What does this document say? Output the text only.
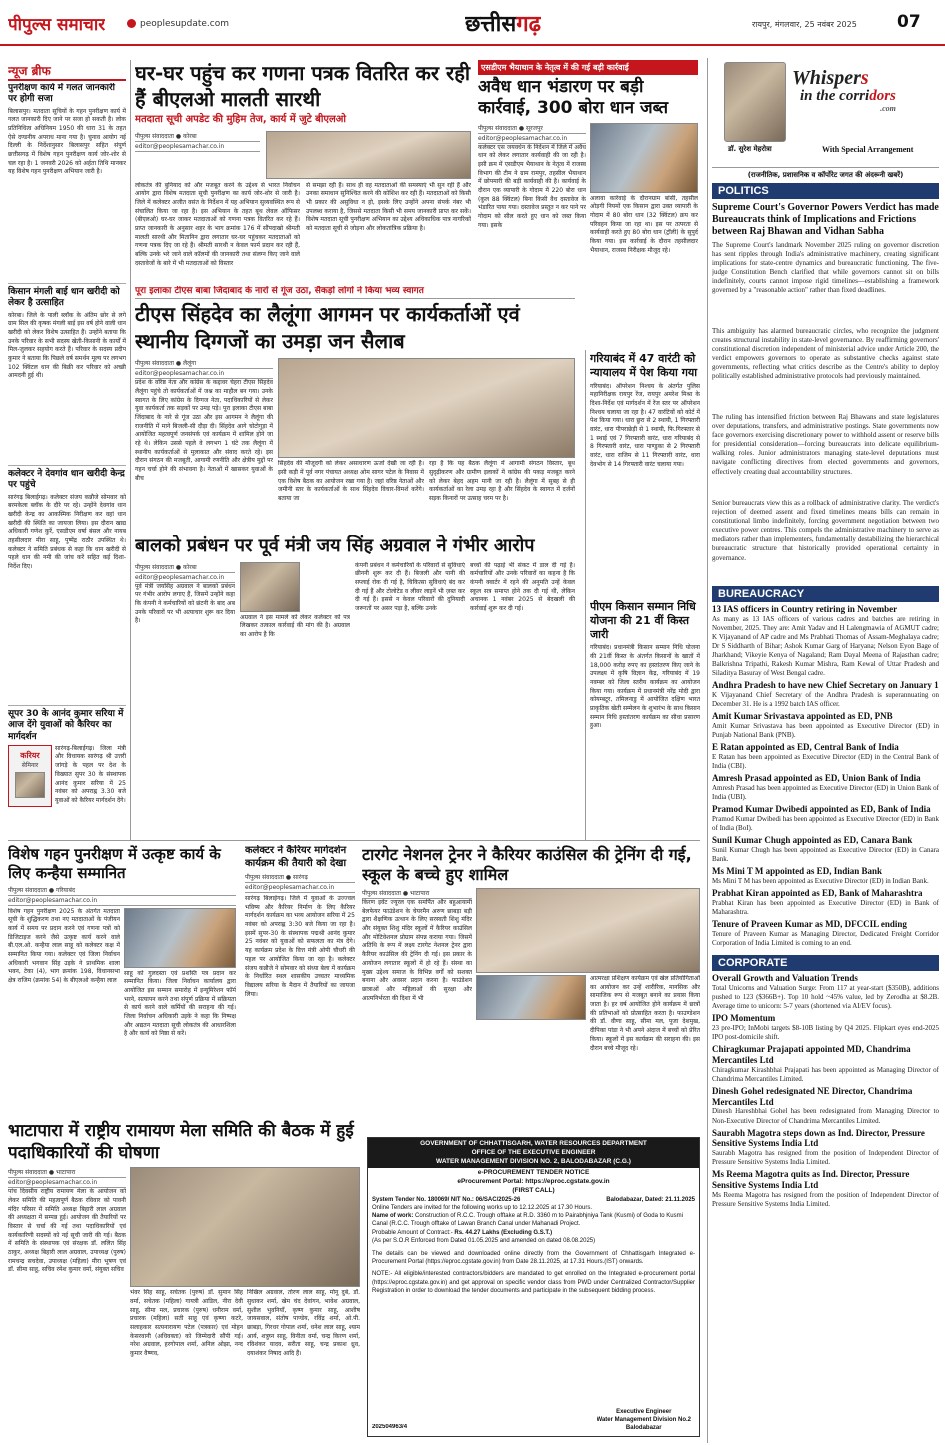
पीपुल्स समाचार	peoplesupdate.com	छत्तीसगढ़	रायपुर, मंगलवार, 25 नवंबर 2025 07
न्यूज ब्रीफ
पुनरीक्षण कार्य में गलत जानकारी पर होगी सजा
बिलासपुर। मतदाता सूचियों के गहन पुनरीक्षण कार्य में गलत जानकारी दिए जाने पर सजा हो सकती है। लोक प्रतिनिधित्व अधिनियम 1950 की धारा 31 के तहत ऐसे दण्डनीय अपराध माना गया है। चुनाव आयोग नई दिल्ली के निर्देशानुसार बिलासपुर सहित संपूर्ण छत्तीसगढ़ में विशेष गहन पुनरीक्षण कार्य जोर-शोर से चल रहा है। 1 जनवरी 2026 को अर्हता तिथि मानकर यह विशेष गहन पुनरीक्षण अभियान जारी है।
किसान मंगली बाई धान खरीदी को लेकर है उत्साहित
कोरबा। जिले के पाली ब्लॉक के अंतिम छोर से लगे ग्राम सिल की कृषक मंगली बाई इस वर्ष होने वाली धान खरीदी को लेकर विशेष उत्साहित हैं। उन्होंने बताया कि उनके परिवार के सभी सदस्य खेती-किसानी के कार्यों में मिल-जुलकर सहयोग करते हैं। परिवार के सदस्य प्रदीप कुमार ने बताया कि पिछले वर्ष समर्थन मूल्य पर लगभग 102 क्विंटल धान की बिक्री कर परिवार को अच्छी आमदनी हुई थी।
कलेक्टर ने देवगांव धान खरीदी केन्द्र पर पहुंचे
सारंगढ़ बिलाईगढ़। कलेक्टर संजय कन्नौजे सोमवार को बरमकेला ब्लॉक के दौरे पर रहे। उन्होंने देवगांव धान खरीदी केन्द्र का आकस्मिक निरीक्षण कर वहां धान खरीदी की स्थिति का जायजा लिया। इस दौरान खाद्य अधिकारी गणेश कुर्रे, एसडीएम वर्षा बंसल और नायब तहसीलदार मीरा साहू, पुष्पेंद्र राठौर उपस्थित थे। कलेक्टर ने समिति प्रबंधक से कहा कि धान खरीदी से पहले धान की नमी की जांच करें सहित कई दिशा-निर्देश दिए।
सूपर 30 के आनंद कुमार सरिया में आज देंगे युवाओं को कैरियर का मार्गदर्शन
करियर
सेमिनार
सारंगढ़-बिलाईगढ़। जिला मंत्री और विधायक सारंगढ़ श्री उत्तरी जांगड़े के पहल पर देश के विख्यात सुपर 30 के संस्थापक आनंद कुमार सरिया में 25 नवंबर को अपराह्न 3.30 बजे युवाओं को कैरियर मार्गदर्शन देंगे।
घर-घर पहुंच कर गणना पत्रक वितरित कर रही हैं बीएलओ मालती सारथी
मतदाता सूची अपडेट की मुहिम तेज, कार्य में जुटे बीएलओ
पीपुल्स संवाददाता ● कोरबा
editor@peoplesamachar.co.in
लोकतंत्र की बुनियाद को और मजबूत करने के उद्देश्य से भारत निर्वाचन आयोग द्वारा विशेष मतदाता सूची पुनरीक्षण का कार्य जोर-शोर से जारी है। जिले में कलेक्टर अजीत वसंत के निर्देशन में यह अभियान सुव्यवस्थित रूप से संचालित किया जा रहा है। इस अभियान के तहत बूथ लेवल ऑफिसर (बीएलओ) घर-घर जाकर मतदाताओं को गणना पत्रक वितरित कर रहे हैं। प्राप्त जानकारी के अनुसार शहर के भाग क्रमांक 176 में सौंपदाखो श्रीमती मालती सारथी और मितानिन द्वारा लगातार घर-घर पहुंचकर मतदाताओं को गणना पत्रक दिए जा रहे हैं। श्रीमती सारथी न केवल फार्म प्रदान कर रही हैं, बल्कि उनके भरे जाने वाले कॉलमों की जानकारी तथा संलग्न किए जाने वाले दस्तावेजों के बारे में भी मतदाताओं को विस्तार
से समझा रही हैं। साथ ही वह मतदाताओं की समस्याएं भी सुन रही हैं और उनका समाधान सुनिश्चित करने की कोशिश कर रही हैं। मतदाताओं को किसी भी प्रकार की असुविधा न हो, इसके लिए उन्होंने अपना संपर्क नंबर भी उपलब्ध कराया है, जिससे मतदाता किसी भी समय जानकारी प्राप्त कर सकें। विशेष मतदाता सूची पुनरीक्षण अभियान का उद्देश्य अधिकाधिक पात्र नागरिकों को मतदाता सूची से जोड़ना और लोकतांत्रिक प्रक्रिया है।
एसडीएम भैयाथान के नेतृत्व में की गई बड़ी कार्रवाई
अवैध धान भंडारण पर बड़ी कार्रवाई, 300 बोरा धान जब्त
पीपुल्स संवाददाता ● सूरजपुर
editor@peoplesamachar.co.in
कलेक्टर एस जयवर्धन के निर्देशन में जिले में अवैध धान को लेकर लगातार कार्यवाही की जा रही है। इसी क्रम में एसडीएम भैयाथान के नेतृत्व में राजस्व विभाग की टीम ने ग्राम रामपुर, तहसील भैयाथान में छोपमारी की बड़ी कार्यवाही की है। कार्यवाई के दौरान एक व्यापारी के गोदाम में 220 बोरा धान (कुल 88 क्विंटल) बिना किसी वैध दस्तावेज के भंडारित पाया गया। दस्तावेज प्रस्तुत न कर पाने पर गोदाम को सील करते हुए धान को जब्त किया गया। इसके
अलावा कार्रवाई के दौरानग्राम बांसी, तहसील ओड़गी नियमों एक किसान द्वारा उक्त व्यापारी के गोदाम में 80 बोरा धान (32 क्विंटल) क्रय कर परिवहन किया जा रहा था। इस पर तत्परता से कार्यवाही करते हुए 80 बोरा धान (ट्रॉली) के सुपुर्द किया गया। इस कार्रवाई के दौरान तहसीलदार भैयाथान, राजस्व निरीक्षक मौजूद रहे।
पूरा इलाका टीएस बाबा जिंदाबाद के नारों से गूंज उठा, सैकड़ों लोगों ने किया भव्य स्वागत
टीएस सिंहदेव का लैलूंगा आगमन पर कार्यकर्ताओं एवं स्थानीय दिग्गजों का उमड़ा जन सैलाब
पीपुल्स संवाददाता ● लैलूंगा
editor@peoplesamachar.co.in
प्रदेश के वरिष्ठ नेता और कांग्रेस के कद्दावर चेहरा टीएस सिंहदेव लैलूंगा पहुंचे तो कार्यकर्ताओं में जश्न का माहौल बन गया। उनके स्वागत के लिए कांग्रेस के दिग्गज नेता, पदाधिकारियों से लेकर युवा कार्यकर्ता तक सड़कों पर उमड़ पड़े। पूरा इलाका टीएस बाबा जिंदाबाद के नारे से गूंज उठा और इस आगमन ने लैलूंगा की राजनीति में माने बिजली-सी दौड़ा दी। सिंहदेव आगे चोटोगुड़ा में आयोजित महत्वपूर्ण जनसंपर्क एवं कार्यक्रम में शामिल होने जा रहे थे। लेकिन उससे पहले वे लगभग 1 घंटे तक लैलूंगा में स्थानीय कार्यकर्ताओं से मुलाकात और संवाद करते रहे। इस दौरान संगठन की मजबूती, आगामी रणनीति और क्षेत्रीय मुद्दों पर गहन चर्चा होने की संभावना है। नेताओं में खासकर युवाओं के बीच
सिंहदेव की मौजूदगी को लेकर असाधारण ऊर्जा देखी जा रही है। इसी कड़ी में पूर्व नगर पंचायत अध्यक्ष ओम सागर पटेल के निवास में एक विशेष बैठक का आयोजन रखा गया है। जहां वरिष्ठ नेताओं और जमीनी स्तर के कार्यकर्ताओं के साथ सिंहदेव विचार-विमर्श करेंगे। बताया जा
रहा है कि यह बैठक लैलूंगा में आगामी संगठन विस्तार, बूथ सुदृढ़ीकरण और ग्रामीण इलाकों में कांग्रेस की पकड़ मजबूत करने को लेकर बेहद अहम मानी जा रही है। लैलूंगा में सुबह से ही कार्यकर्ताओं का रेला उमड़ रहा है और सिंहदेव के स्वागत में दर्जनों सड़क किनारों पर उत्साह चरम पर है।
गरियाबंद में 47 वारंटी को न्यायालय में पेश किया गया
गरियाबंद। ऑपरेशन निश्चय के अंतर्गत पुलिस महानिरीक्षक रायपुर रेंज, रायपुर अमरेश मिश्रा के दिशा-निर्देश एवं मार्गदर्शन में रेंज स्तर पर ऑपरेशन निश्चय चलाया जा रहा है। 47 वारंटियों को कोर्ट में पेश किया गया। धारा छुरा से 2 स्थायी, 1 गिरफ्तारी वारंट, धारा पीपराछेड़ी से 1 स्थायी, फि.गिरफ्तार से 1 स्थाई एवं 7 गिरफ्तारी वारंट, धारा गरियाबंद से 8 गिरफ्तारी वारंट, धारा पाण्डुका से 2 गिरफ्तारी वारंट, धारा राजिम से 11 गिरफ्तारी वारंट, धारा देवभोग से 14 गिरफ्तारी वारंट चलाया गया।
पीएम किसान सम्मान निधि योजना की 21 वीं किस्त जारी
गरियाबंद। प्रधानमंत्री किसान सम्मान निधि योजना की 21वीं किस्त के अंतर्गत किसानों के खातों में 18,000 करोड़ रुपए का हस्तांतरण किए जाने के उपलक्ष्य में कृषि विज्ञान केंद्र, गरियाबंद में 19 नवम्बर को जिला स्तरीय कार्यक्रम का आयोजन किया गया। कार्यक्रम में प्रधानमंत्री नरेंद्र मोदी द्वारा कोयम्बटूर, तमिलनाडु में आयोजित दक्षिण भारत प्राकृतिक खेती सम्मेलन के शुभारंभ के साथ किसान सम्मान निधि हस्तांतरण कार्यक्रम का सीधा प्रसारण हुआ।
बालको प्रबंधन पर पूर्व मंत्री जय सिंह अग्रवाल ने गंभीर आरोप
पीपुल्स संवाददाता ● कोरबा
editor@peoplesamachar.co.in
पूर्व मंत्री जयसिंह अग्रवाल ने बालको प्रबंधन पर गंभीर आरोप लगाए हैं, जिसमें उन्होंने कहा कि कंपनी ने कर्मचारियों को छंटनी के बाद अब उनके परिवारों पर भी अत्याचार शुरू कर दिया है।
अग्रवाल ने इस मामले को लेकर कलेक्टर को पत्र लिखकर तत्काल कार्रवाई की मांग की है। अग्रवाल का आरोप है कि
कंपनी प्रबंधन ने कर्मचारियों के परिवारों से सुविधाएं छीननी शुरू कर दी हैं। बिजली और पानी की सप्लाई रोक दी गई है, चिकित्सा सुविधाएं बंद कर दी गई हैं और टोलोटेड व लीवर लाइनें भी ज़ब्त कर दी गई हैं। इससे न केवल परिवारों की दुनियादी जरूरतों पर असर पड़ा है, बल्कि उनके
बच्चों की पढ़ाई भी संकट में डाल दी गई है। कर्मचारियों और उनके परिवारों का कहना है कि कंपनी क्वार्टर में रहने की अनुमति उन्हें केवल स्कूल सत्र समाप्त होने तक दी गई थी, लेकिन अचानक 1 नवंबर 2025 से बेदखली की कार्रवाई शुरू कर दी गई।
विशेष गहन पुनरीक्षण में उत्कृष्ट कार्य के लिए कन्हैया सम्मानित
पीपुल्स संवाददाता ● गरियाबंद
editor@peoplesamachar.co.in
विशेष गहन पुनरीक्षण 2025 के अंतर्गत मतदाता सूची के शुद्धिकरण तथा नए मतदाताओं के पंजीयन कार्य में समय पर प्रदान करने एवं गणना पत्रों को डिजिटाइज करने जैसे उत्कृष्ट कार्य करने वाले बी.एल.ओ. कन्हैया लाल साहू को कलेक्टर कक्ष में सम्मानित किया गया। कलेक्टर एवं जिला निर्वाचन अधिकारी भगवान सिंह उइके ने प्राथमिक शाला भवन, टेका (4), भाग क्रमांक 198, विधानसभा क्षेत्र राजिम (क्रमांक 54) के बीएलओ कन्हैया लाल
साहू को गुलदस्ता एवं प्रशस्ति पत्र प्रदान कर सम्मानित किया। जिला निर्वाचन कार्यालय द्वारा आयोजित इस सम्मान समारोह में इन्यूमिरेशन फॉर्म भरने, सत्यापन करने तथा संपूर्ण प्रक्रिया में सक्रियता से कार्य करने वाले कर्मियों की सराहना की गई। जिला निर्वाचन अधिकारी उइके ने कहा कि निष्पक्ष और अद्यतन मतदाता सूची लोकतंत्र की आधारशिला है और कार्य को निष्ठा से करें।
कलेक्टर ने कैरियर मार्गदर्शन कार्यक्रम की तैयारी को देखा
पीपुल्स संवाददाता ● सारंगढ़
editor@peoplesamachar.co.in
सारंगढ़ बिलाईगढ़। जिले में युवाओं के उज्ज्वल भविष्य और कैरियर निर्माण के लिए कैरियर मार्गदर्शन कार्यक्रम का भव्य आयोजन सरिया में 25 नवंबर को अपराह्न 3:30 बजे किया जा रहा है। इसमें सुपर-30 के संस्थापक पद्मश्री आनंद कुमार 25 नवंबर को युवाओं को सफलता का मंत्र देंगे। यह कार्यक्रम प्रदेश के वित्त मंत्री ओपी चौधरी की पहल पर आयोजित किया जा रहा है। कलेक्टर संजय कन्नौजे ने सोमवार को संध्या बेला में कार्यक्रम के निर्धारित स्थल शासकीय उच्चतर माध्यमिक विद्यालय सरिया के मैदान में तैयारियों का जायजा लिया।
टारगेट नेशनल ट्रेनर ने कैरियर काउंसिल की ट्रेनिंग दी गई, स्कूल के बच्चे हुए शामिल
पीपुल्स संवाददाता ● भाटापारा
किरण इवेंट ज्यूरल एक समर्पित और बहुआयामी बेलफेयर फाउंडेशन के चेयरमैन अरुण छाबड़ा बड़ी द्वारा शैक्षणिक उत्थान के लिए सरस्वती शिशु मंदिर और संयुक्त शिशु मंदिर स्कूलों में कैरियर काउंसिल और मोटिवेशनल प्रोग्राम संपन्न कराया गया। जिसमें अतिथि के रूप में लक्ष्य टारगेट नेशनल ट्रेनर द्वारा कैरियर काउंसिल की ट्रेनिंग दी गई। इस प्रकार के आयोजन लगातार स्कूलों में हो रहे हैं। संस्था का मुख्य उद्देश्य समाज के विभिन्न वर्गों को सशक्त बनाना और अवसर प्रदान करना है। फाउंडेशन छात्राओं और महिलाओं की सुरक्षा और आत्मनिर्भरता की दिशा में भी
आत्मरक्षा प्रशिक्षण कार्यक्रम एवं खेल प्रतियोगिताओं का आयोजन कर उन्हें शारीरिक, मानसिक और सामाजिक रूप से मजबूत बनाने का प्रयास किया जाता है। हर वर्ष आयोजित होने कार्यक्रम में छात्रों की प्रतिभाओं को प्रोत्साहित करता है। फाउण्डेशन की डॉ. वीणा साहू, सीमा मल, पूजा देशमुख, दीपिका पांडा ने भी अपने अंदाज में बच्चों को प्रेरित किया। स्कूलों में इस कार्यक्रम की सराहना की। इस दौरान बच्चे मौजूद रहे।
भाटापारा में राष्ट्रीय रामायण मेला समिति की बैठक में हुई पदाधिकारियों की घोषणा
पीपुल्स संवाददाता ● भाटापारा
editor@peoplesamachar.co.in
पांच दिवसीय राष्ट्रीय रामायण मेला के आयोजन को लेकर समिति की महत्वपूर्ण बैठक रविवार को पावनी मंदिर परिसर में समिति अध्यक्ष बिहारी लाल अग्रवाल की अध्यक्षता में सम्पन्न हुई। आयोजन की तैयारियों पर विस्तार से चर्चा की गई तथा पदाधिकारियों एवं कार्यकारिणी सदस्यों को नई सूची जारी की गई। बैठक में समिति के संस्थापक एवं संरक्षक डॉ. ललित सिंह ठाकुर, अध्यक्ष बिहारी लाल अग्रवाल, उपाध्यक्ष (पुरुष) रामचन्द्र सचदेवा, उपाध्यक्ष (महिला) मीरा भूषण एवं डॉ. सीमा साहू, सचिव रमेश कुमार वर्मा, संयुक्त सचिव
भंवर सिंह साहू, सचेतक (पुरुष) डॉ. सुमान सिंह वर्मा, सचेतक (महिला) गायत्री आडिल, नीरा देवी साहू, सीमा मल, प्रचारक (पुरुष) धनीराम वर्मा, प्रचारक (महिला) सती साहू एवं कृष्णा कटरे, सलाहकार सत्यनारायण पटेल (पत्रकार) एवं मोहन केसरवानी (अधिवक्ता) को जिम्मेदारी सौंपी गई। नरेश अग्रवाल, हरगोपाल शर्मा, अनिल ओझा, नन्द कुमार वैष्णव,
निखिल अग्रवाल, तोरण लाल साहू, मोनू दुबे, डॉ. सुधाकर शर्मा, खेम चंद देवांगन, भावेश अग्रवाल, सुशील भुवनियाँ, कृष्ण कुमार साहू, आशीष जायसवाल, संतोष पाण्डेय, रविंद्र शर्मा, ओ.पी. छाबड़ा, गिरधर गोपाल शर्मा, धनेश लाल साहू, श्याम आर्य, शत्रुघ्न साहू, विनीता वर्मा, चन्द्र किरण शर्मा, रविशंकर यादव, सरीता साहू, चन्द्र प्रकाश ध्रुव, दयाशंकर निषाद आदि हैं।
GOVERNMENT OF CHHATTISGARH, WATER RESOURCES DEPARTMENT
OFFICE OF THE EXECUTIVE ENGINEER
WATER MANAGEMENT DIVISION NO. 2, BALODABAZAR (C.G.)
e-PROCUREMENT TENDER NOTICE
eProcurement Portal: https://eproc.cgstate.gov.in
(FIRST CALL)
System Tender No. 180069/ NIT No.: 06/SAC/2025-26	Balodabazar, Dated: 21.11.2025
Online Tenders are invited for the following works up to 12.12.2025 at 17.30 Hours.
Name of work: Construction of R.C.C. Trough offtake at R.D. 3360 m to Pairabhjniya Tank (Kusmi) of Goda to Kusmi Canal (R.C.C. Trough offtake of Lawan Branch Canal under Mahanadi Project.
Probable Amount of Contract:- Rs. 44.27 Lakhs (Excluding G.S.T.)
(As per S.O.R Enforced from Dated 01.05.2025 and amended on dated 08.08.2025)
The details can be viewed and downloaded online directly from the Government of Chhattisgarh Integrated e-Procurement Portal (https://eproc.cgstate.gov.in) from Date 28.11.2025, at 17.31 Hours.(IST) onwards.
NOTE:- All eligible/interested contractors/bidders are mandated to get enrolled on the Integrated e-procurement portal (https://eproc.cgstate.gov.in) and get approval on specific vendor class from PWD under Centralized Contractor/Supplier Registration in order to download the tender documents and participate in the subsequent bidding process.
202504963/4
Executive Engineer
Water Management Division No.2
Balodabazar
Whispers
in the corridors
.com
डॉ. सुरेश मेहरोत्रा	With Special Arrangement
(राजनीतिक, प्रशासनिक व कॉर्पोरेट जगत की अंदरूनी खबरें)
POLITICS
Supreme Court's Governor Powers Verdict has made Bureaucrats think of Implications and Frictions between Raj Bhawan and Vidhan Sabha
The Supreme Court's landmark November 2025 ruling on governor discretion has sent ripples through India's administrative machinery, creating significant implications for state-centre dynamics and bureaucratic functioning. The five-judge Constitution Bench clarified that while governors cannot sit on bills indefinitely, courts cannot impose rigid timelines—establishing a framework governed by a "reasonable action" rather than fixed deadlines.
This ambiguity has alarmed bureaucratic circles, who recognize the judgment creates structural instability in state-level governance. By reaffirming governors' constitutional discretion independent of ministerial advice under Article 200, the verdict empowers governors to operate as substantive checks against state governments, reflecting what critics describe as the Centre's ability to deploy politically established administrative protocols had previously maintained.
The ruling has intensified friction between Raj Bhawans and state legislatures over deputations, transfers, and administrative postings. State governments now face governors exercising discretionary power to withhold assent or reserve bills for presidential consideration—forcing bureaucrats into delicate equilibrium-walking roles. Junior administrators managing state-level deputations must navigate conflicting directives from elected governments and governors, effectively creating dual accountability structures.
Senior bureaucrats view this as a rollback of administrative clarity. The verdict's rejection of deemed assent and fixed timelines means bills can remain in constitutional limbo indefinitely, forcing government negotiation between two executive power centres. This compels the administrative machinery to serve as mediators rather than implementers, fundamentally destabilizing the hierarchical bureaucratic structure that historically provided operational certainty in governance.
BUREAUCRACY
13 IAS officers in Country retiring in November
As many as 13 IAS officers of various cadres and batches are retiring in November, 2025. They are: Amit Yadav and H Lalengmawia of AGMUT cadre; K Vijayanand of AP cadre and Ms Prabhati Thomas of Assam-Meghalaya cadre; Dr S Siddharth of Bihar; Ashok Kumar Garg of Haryana; Nelson Eyon Bage of Jharkhand; Vikeyie Kenya of Nagaland; Ram Dayal Meena of Rajasthan cadre; Balkrishna Tripathi, Rakesh Kumar Mishra, Ram Kewal of Uttar Pradesh and Siladitya Basuray of West Bengal cadre.
Andhra Pradesh to have new Chief Secretary on January 1
K Vijayanand Chief Secretary of the Andhra Pradesh is superannuating on December 31. He is a 1992 batch IAS officer.
Amit Kumar Srivastava appointed as ED, PNB
Amit Kumar Srivastava has been appointed as Executive Director (ED) in Punjab National Bank (PNB).
E Ratan appointed as ED, Central Bank of India
E Ratan has been appointed as Executive Director (ED) in the Central Bank of India (CBI).
Amresh Prasad appointed as ED, Union Bank of India
Amresh Prasad has been appointed as Executive Director (ED) in Union Bank of India (UBI).
Pramod Kumar Dwibedi appointed as ED, Bank of India
Pramod Kumar Dwibedi has been appointed as Executive Director (ED) in Bank of India (BoI).
Sunil Kumar Chugh appointed as ED, Canara Bank
Sunil Kumar Chugh has been appointed as Executive Director (ED) in Canara Bank.
Ms Mini T M appointed as ED, Indian Bank
Ms Mini T M has been appointed as Executive Director (ED) in Indian Bank.
Prabhat Kiran appointed as ED, Bank of Maharashtra
Prabhat Kiran has been appointed as Executive Director (ED) in Bank of Maharashtra.
Tenure of Praveen Kumar as MD, DFCCIL ending
Tenure of Praveen Kumar as Managing Director, Dedicated Freight Corridor Corporation of India Limited is coming to an end.
CORPORATE
Overall Growth and Valuation Trends
Total Unicorns and Valuation Surge: From 117 at year-start ($350B), additions pushed to 123 ($366B+). Top 10 hold ~45% value, led by Zerodha at $8.2B. Average time to unicorn: 5-7 years (shortened via AI/EV focus).
IPO Momentum
23 pre-IPO; InMobi targets $8-10B listing by Q4 2025. Flipkart eyes end-2025 IPO post-domicile shift.
Chiragkumar Prajapati appointed MD, Chandrima Mercantiles Ltd
Chiragkumar Kirashbhai Prajapati has been appointed as Managing Director of Chandrima Mercantiles Limited.
Dinesh Gohel redesignated NE Director, Chandrima Mercantiles Ltd
Dinesh Hareshbhai Gohel has been redesignated from Managing Director to Non-Executive Director of Chandrima Mercantiles Limited.
Saurabh Magotra steps down as Ind. Director, Pressure Sensitive Systems India Ltd
Saurabh Magotra has resigned from the position of Independent Director of Pressure Sensitive Systems India Limited.
Ms Reema Magotra quits as Ind. Director, Pressure Sensitive Systems India Ltd
Ms Reema Magotra has resigned from the position of Independent Director of Pressure Sensitive Systems India Limited.
